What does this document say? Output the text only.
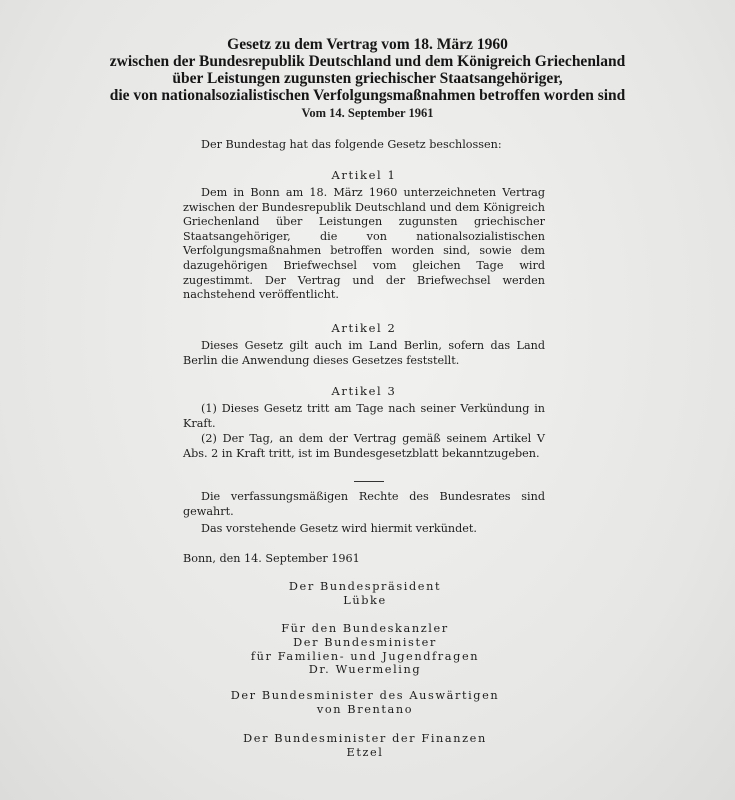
Gesetz zu dem Vertrag vom 18. März 1960
zwischen der Bundesrepublik Deutschland und dem Königreich Griechenland
über Leistungen zugunsten griechischer Staatsangehöriger,
die von nationalsozialistischen Verfolgungsmaßnahmen betroffen worden sind
Vom 14. September 1961

Der Bundestag hat das folgende Gesetz beschlossen:

Artikel 1

Dem in Bonn am 18. März 1960 unterzeichneten Vertrag zwischen der Bundesrepublik Deutschland und dem Königreich Griechenland über Leistungen zugunsten griechischer Staatsangehöriger, die von nationalsozialistischen Verfolgungsmaßnahmen betroffen worden sind, sowie dem dazugehörigen Briefwechsel vom gleichen Tage wird zugestimmt. Der Vertrag und der Briefwechsel werden nachstehend veröffentlicht.

Artikel 2

Dieses Gesetz gilt auch im Land Berlin, sofern das Land Berlin die Anwendung dieses Gesetzes feststellt.

Artikel 3

(1) Dieses Gesetz tritt am Tage nach seiner Verkündung in Kraft.

(2) Der Tag, an dem der Vertrag gemäß seinem Artikel V Abs. 2 in Kraft tritt, ist im Bundesgesetzblatt bekanntzugeben.

Die verfassungsmäßigen Rechte des Bundesrates sind gewahrt.

Das vorstehende Gesetz wird hiermit verkündet.

Bonn, den 14. September 1961
Der Bundespräsident
Lübke
Für den Bundeskanzler
Der Bundesminister
für Familien- und Jugendfragen
Dr. Wuermeling
Der Bundesminister des Auswärtigen
von Brentano
Der Bundesminister der Finanzen
Etzel
